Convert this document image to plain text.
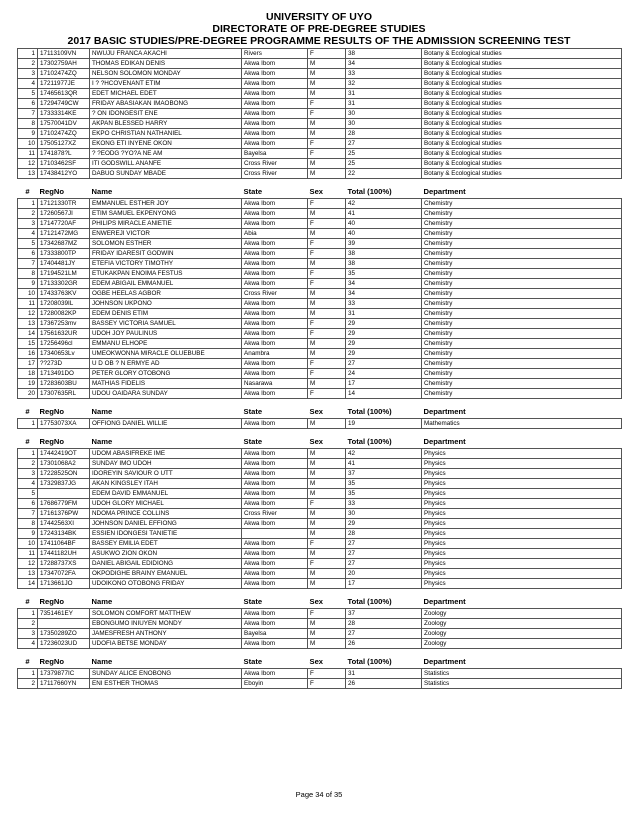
UNIVERSITY OF UYO
DIRECTORATE OF PRE-DEGREE STUDIES
2017 BASIC STUDIES/PRE-DEGREE PROGRAMME RESULTS OF THE ADMISSION SCREENING TEST
1	17113109VN	NWUJU FRANCA AKACHI	Rivers	F	38	Botany & Ecological studies
2	17302759AH	THOMAS EDIKAN DENIS	Akwa Ibom	M	34	Botany & Ecological studies
3	17102474ZQ	NELSON SOLOMON MONDAY	Akwa Ibom	M	33	Botany & Ecological studies
4	17211977JE	I ? ?HCOVENANT ETIM	Akwa Ibom	M	32	Botany & Ecological studies
5	17465613QR	EDET MICHAEL EDET	Akwa Ibom	M	31	Botany & Ecological studies
6	17294749CW	FRIDAY ABASIAKAN IMAOBONG	Akwa Ibom	F	31	Botany & Ecological studies
7	17333314KE	? ON IDONGESIT ENE	Akwa Ibom	F	30	Botany & Ecological studies
8	17570041DV	AKPAN BLESSED HARRY	Akwa Ibom	M	30	Botany & Ecological studies
9	17102474ZQ	EKPO CHRISTIAN NATHANIEL	Akwa Ibom	M	28	Botany & Ecological studies
10	17505127XZ	EKONG ETI INYENE OKON	Akwa Ibom	F	27	Botany & Ecological studies
11	1741878?L	? ?EODG ?YO?A NE AM	Bayelsa	F	25	Botany & Ecological studies
12	17103462SF	ITI GODSWILL ANANFE	Cross River	M	25	Botany & Ecological studies
13	17438412YO	DABUO SUNDAY MBADE	Cross River	M	22	Botany & Ecological studies
#	RegNo	Name	State	Sex	Total (100%)	Department
1	17121330TR	EMMANUEL ESTHER JOY	Akwa Ibom	F	42	Chemistry
2	17260567JI	ETIM SAMUEL EKPENYONG	Akwa Ibom	M	41	Chemistry
3	17147720AF	PHILIPS MIRACLE ANIETIE	Akwa Ibom	F	40	Chemistry
4	17121472MG	ENWEREJI VICTOR	Abia	M	40	Chemistry
5	17342687MZ	SOLOMON ESTHER	Akwa Ibom	F	39	Chemistry
6	17333800TP	FRIDAY IDARESIT GODWIN	Akwa Ibom	F	38	Chemistry
7	17404481JY	ETEFIA VICTORY TIMOTHY	Akwa Ibom	M	38	Chemistry
8	17194521LM	ETUKAKPAN ENOIMA FESTUS	Akwa Ibom	F	35	Chemistry
9	17133302GR	EDEM ABIGAIL EMMANUEL	Akwa Ibom	F	34	Chemistry
10	17433763KV	OGBE HEELAS AGBOR	Cross River	M	34	Chemistry
11	17208039IL	JOHNSON UKPONO	Akwa Ibom	M	33	Chemistry
12	17280082KP	EDEM DENIS ETIM	Akwa Ibom	M	31	Chemistry
13	17367253mv	BASSEY VICTORIA SAMUEL	Akwa Ibom	F	29	Chemistry
14	17561632UR	UDOH JOY PAULINUS	Akwa Ibom	F	29	Chemistry
15	17256496cl	EMMANU ELHOPE	Akwa Ibom	M	29	Chemistry
16	17340653Lv	UMEOKWONNA MIRACLE OLUEBUBE	Anambra	M	29	Chemistry
17	??273D	U D OB ? N ERMYE AD	Akwa Ibom	F	27	Chemistry
18	1713491DO	PETER GLORY OTOBONG	Akwa Ibom	F	24	Chemistry
19	17283603BU	MATHIAS FIDELIS	Nasarawa	M	17	Chemistry
20	17307635RL	UDOU OAIDARA SUNDAY	Akwa Ibom	F	14	Chemistry
#	RegNo	Name	State	Sex	Total (100%)	Department
1	17753073XA	OFFIONG DANIEL WILLIE	Akwa Ibom	M	19	Mathematics
#	RegNo	Name	State	Sex	Total (100%)	Department
1	17442419OT	UDOM ABASIFREKE IME	Akwa Ibom	M	42	Physics
2	17301068A2	SUNDAY IMO UDOH	Akwa Ibom	M	41	Physics
3	17228525ON	IDOREYIN SAVIOUR O UTT	Akwa Ibom	M	37	Physics
4	17329837JG	AKAN KINGSLEY ITAH	Akwa Ibom	M	35	Physics
5		EDEM DAVID EMMANUEL	Akwa Ibom	M	35	Physics
6	17686779FM	UDOH GLORY MICHAEL	Akwa Ibom	F	33	Physics
7	17161376PW	NDOMA PRINCE COLLINS	Cross River	M	30	Physics
8	17442563XI	JOHNSON DANIEL EFFIONG	Akwa Ibom	M	29	Physics
9	17243134BK	ESSIEN IDONGESI TANIETIE		M	28	Physics
10	17411064BF	BASSEY EMILIA EDET	Akwa Ibom	F	27	Physics
11	17441182UH	ASUKWO ZION OKON	Akwa Ibom	M	27	Physics
12	17288737XS	DANIEL ABIGAIL EDIDIONG	Akwa Ibom	F	27	Physics
13	17347072FA	OKPODIGHE BRAINY EMANUEL	Akwa Ibom	M	20	Physics
14	1713661JO	UDOIKONO OTOBONG FRIDAY	Akwa Ibom	M	17	Physics
#	RegNo	Name	State	Sex	Total (100%)	Department
1	7351461EY	SOLOMON COMFORT MATTHEW	Akwa Ibom	F	37	Zoology
2		EBONGUMO INIUYEN MONDY	Akwa Ibom	M	28	Zoology
3	17350289ZO	JAMESFRESH ANTHONY	Bayelsa	M	27	Zoology
4	17236023UD	UDOFIA BETSE MONDAY	Akwa Ibom	M	26	Zoology
#	RegNo	Name	State	Sex	Total (100%)	Department
1	17379877IC	SUNDAY ALICE ENOBONG	Akwa Ibom	F	31	Statistics
2	17117660YN	ENI ESTHER THOMAS	Eboyin	F	26	Statistics
Page 34 of 35
